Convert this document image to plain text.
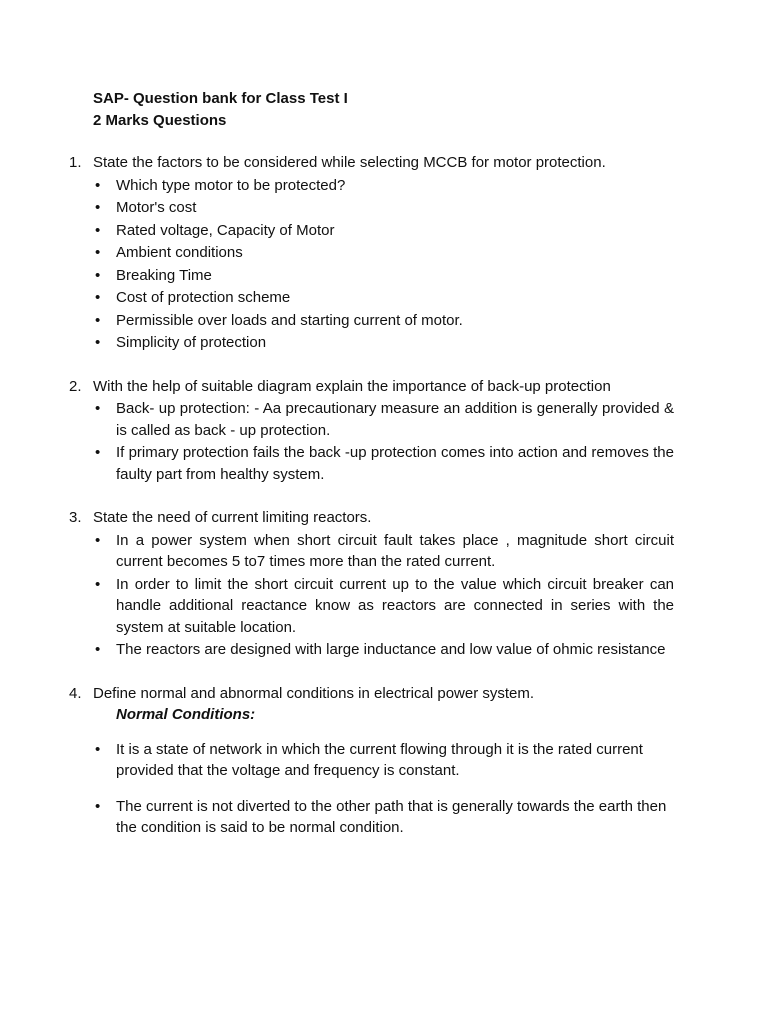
SAP- Question bank for Class Test I
2 Marks Questions
1. State the factors to be considered while selecting MCCB for motor protection.
• Which type motor to be protected?
• Motor's cost
• Rated voltage, Capacity of Motor
• Ambient conditions
• Breaking Time
• Cost of protection scheme
• Permissible over loads and starting current of motor.
• Simplicity of protection
2. With the help of suitable diagram explain the importance of back-up protection
• Back- up protection: - Aa precautionary measure an addition is generally provided & is called as back - up protection.
• If primary protection fails the back -up protection comes into action and removes the faulty part from healthy system.
3. State the need of current limiting reactors.
• In a power system when short circuit fault takes place , magnitude short circuit current becomes 5 to7 times more than the rated current.
• In order to limit the short circuit current up to the value which circuit breaker can handle additional reactance know as reactors are connected in series with the system at suitable location.
• The reactors are designed with large inductance and low value of ohmic resistance
4. Define normal and abnormal conditions in electrical power system.
Normal Conditions:
• It is a state of network in which the current flowing through it is the rated current provided that the voltage and frequency is constant.
• The current is not diverted to the other path that is generally towards the earth then the condition is said to be normal condition.
